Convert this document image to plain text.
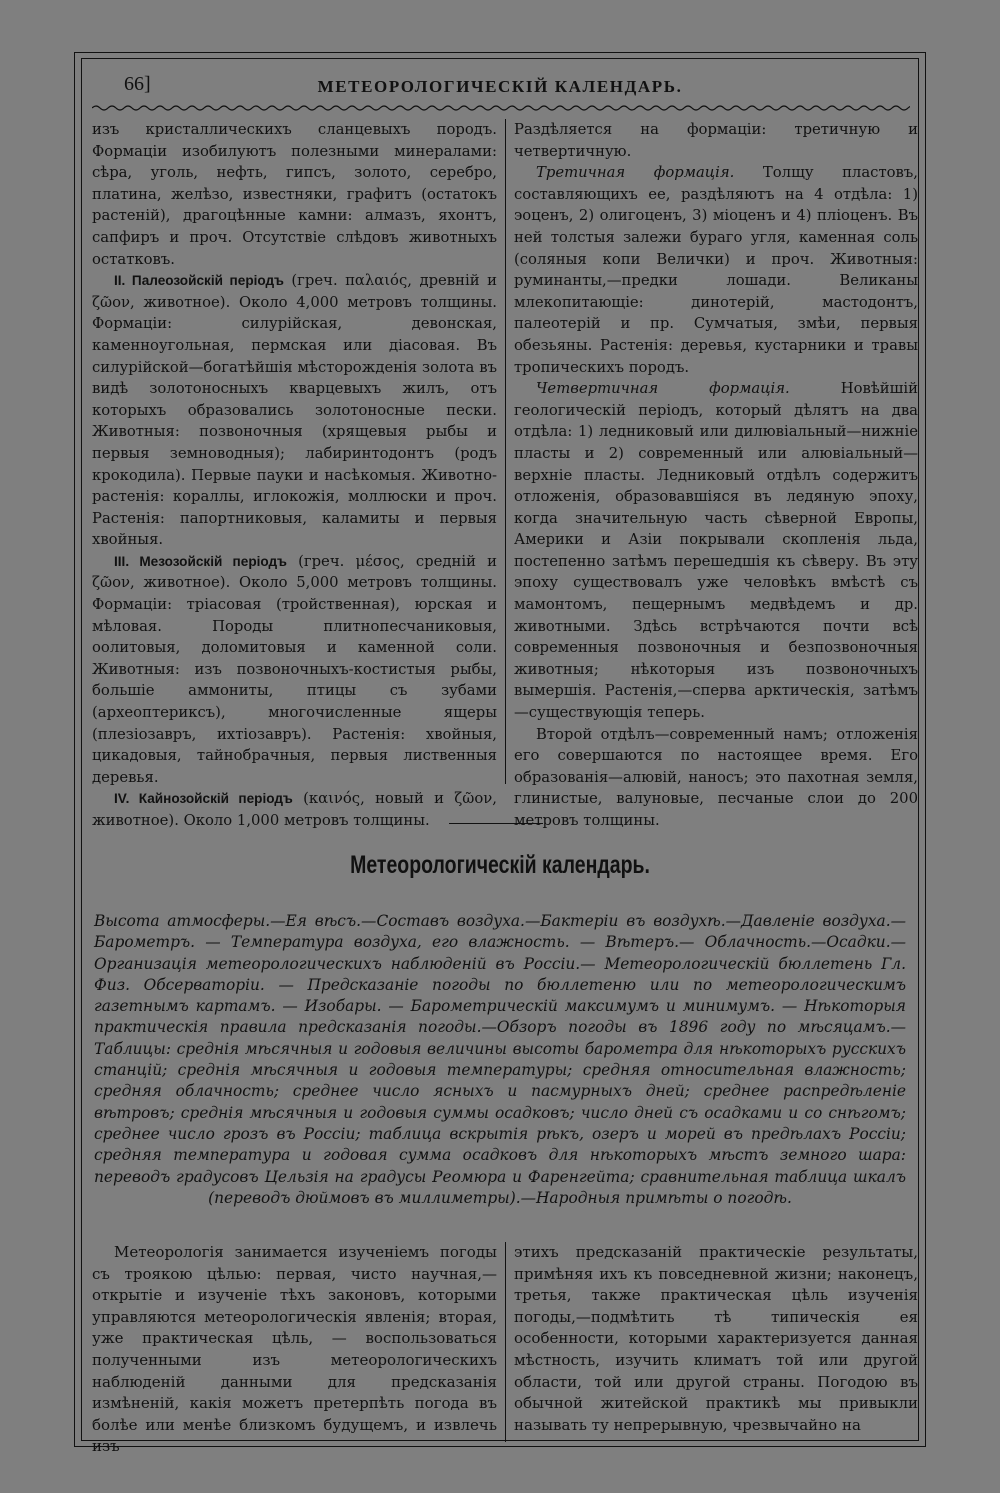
66]	МЕТЕОРОЛОГИЧЕСКІЙ КАЛЕНДАРЬ.

изъ кристаллическихъ сланцевыхъ породъ. Формаціи изобилуютъ полезными минералами: сѣра, уголь, нефть, гипсъ, золото, серебро, платина, желѣзо, известняки, графитъ (остатокъ растеній), драгоцѣнные камни: алмазъ, яхонтъ, сапфиръ и проч. Отсутствіе слѣдовъ животныхъ остатковъ.

II. Палеозойскій періодъ (греч. παλαιός, древній и ζῶον, животное). Около 4,000 метровъ толщины. Формаціи: силурійская, девонская, каменноугольная, пермская или діасовая. Въ силурійской—богатѣйшія мѣсторожденія золота въ видѣ золотоносныхъ кварцевыхъ жилъ, отъ которыхъ образовались золотоносные пески. Животныя: позвоночныя (хрящевыя рыбы и первыя земноводныя); лабиринтодонтъ (родъ крокодила). Первые пауки и насѣкомыя. Животно-растенія: кораллы, иглокожія, моллюски и проч. Растенія: папортниковыя, каламиты и первыя хвойныя.

III. Мезозойскій періодъ (греч. μέσος, средній и ζῶον, животное). Около 5,000 метровъ толщины. Формаціи: тріасовая (тройственная), юрская и мѣловая. Породы плитнопесчаниковыя, оолитовыя, доломитовыя и каменной соли. Животныя: изъ позвоночныхъ-костистыя рыбы, большіе аммониты, птицы съ зубами (археоптериксъ), многочисленные ящеры (плезіозавръ, ихтіозавръ). Растенія: хвойныя, цикадовыя, тайнобрачныя, первыя лиственныя деревья.

IV. Кайнозойскій періодъ (καινός, новый и ζῶον, животное). Около 1,000 метровъ толщины.

Раздѣляется на формаціи: третичную и четвертичную.

Третичная формація. Толщу пластовъ, составляющихъ ее, раздѣляютъ на 4 отдѣла: 1) эоценъ, 2) олигоценъ, 3) міоценъ и 4) пліоценъ. Въ ней толстыя залежи бураго угля, каменная соль (соляныя копи Велички) и проч. Животныя: руминанты,—предки лошади. Великаны млекопитающіе: динотерій, мастодонтъ, палеотерій и пр. Сумчатыя, змѣи, первыя обезьяны. Растенія: деревья, кустарники и травы тропическихъ породъ.

Четвертичная формація.	Новѣйшій геологическій періодъ, который дѣлятъ на два отдѣла: 1) ледниковый или дилювіальный—нижніе пласты и 2) современный или алювіальный—верхніе пласты. Ледниковый отдѣлъ содержитъ отложенія, образовавшіяся въ ледяную эпоху, когда значительную часть сѣверной Европы, Америки и Азіи покрывали скопленія льда, постепенно затѣмъ перешедшія къ сѣверу. Въ эту эпоху существовалъ уже человѣкъ вмѣстѣ съ мамонтомъ, пещернымъ медвѣдемъ и др. животными. Здѣсь встрѣчаются почти всѣ современныя позвоночныя и безпозвоночныя животныя; нѣкоторыя изъ позвоночныхъ вымершія. Растенія,—сперва арктическія, затѣмъ—существующія теперь.

Второй отдѣлъ—современный намъ; отложенія его совершаются по настоящее время. Его образованія—алювій, наносъ; это пахотная земля, глинистые, валуновые, песчаные слои до 200 метровъ толщины.

Метеорологическій календарь.
Высота атмосферы.—Ея вѣсъ.—Составъ воздуха.—Бактеріи въ воздухѣ.—Давленіе воздуха.—Барометръ. — Температура воздуха, его влажность. — Вѣтеръ.— Облачность.—Осадки.—Организація метеорологическихъ наблюденій въ Россіи.— Метеорологическій бюллетень Гл. Физ. Обсерваторіи. — Предсказаніе погоды по бюллетеню или по метеорологическимъ газетнымъ картамъ. — Изобары. — Барометрическій максимумъ и минимумъ. — Нѣкоторыя практическія правила предсказанія погоды.—Обзоръ погоды въ 1896 году по мѣсяцамъ.—Таблицы: среднія мѣсячныя и годовыя величины высоты барометра для нѣкоторыхъ русскихъ станцій; среднія мѣсячныя и годовыя температуры; средняя относительная влажность; средняя облачность; среднее число ясныхъ и пасмурныхъ дней; среднее распредѣленіе вѣтровъ; среднія мѣсячныя и годовыя суммы осадковъ; число дней съ осадками и со снѣгомъ; среднее число грозъ въ Россіи; таблица вскрытія рѣкъ, озеръ и морей въ предѣлахъ Россіи; средняя температура и годовая сумма осадковъ для нѣкоторыхъ мѣстъ земного шара: переводъ градусовъ Цельзія на градусы Реомюра и Фаренгейта; сравнительная таблица шкалъ (переводъ дюймовъ въ миллиметры).—Народныя примѣты о погодѣ.

Метеорологія занимается изученіемъ погоды съ троякою цѣлью: первая, чисто научная,— открытіе и изученіе тѣхъ законовъ, которыми управляются метеорологическія явленія; вторая, уже практическая цѣль, — воспользоваться полученными изъ метеорологическихъ наблюденій данными для предсказанія измѣненій, какія можетъ претерпѣть погода въ болѣе или менѣе близкомъ будущемъ, и извлечь изъ

этихъ предсказаній практическіе результаты, примѣняя ихъ къ повседневной жизни; наконецъ, третья, также практическая цѣль изученія погоды,—подмѣтить тѣ типическія ея особенности, которыми характеризуется данная мѣстность, изучить климатъ той или другой области, той или другой страны. Погодою въ обычной житейской практикѣ мы привыкли называть ту непрерывную, чрезвычайно на
